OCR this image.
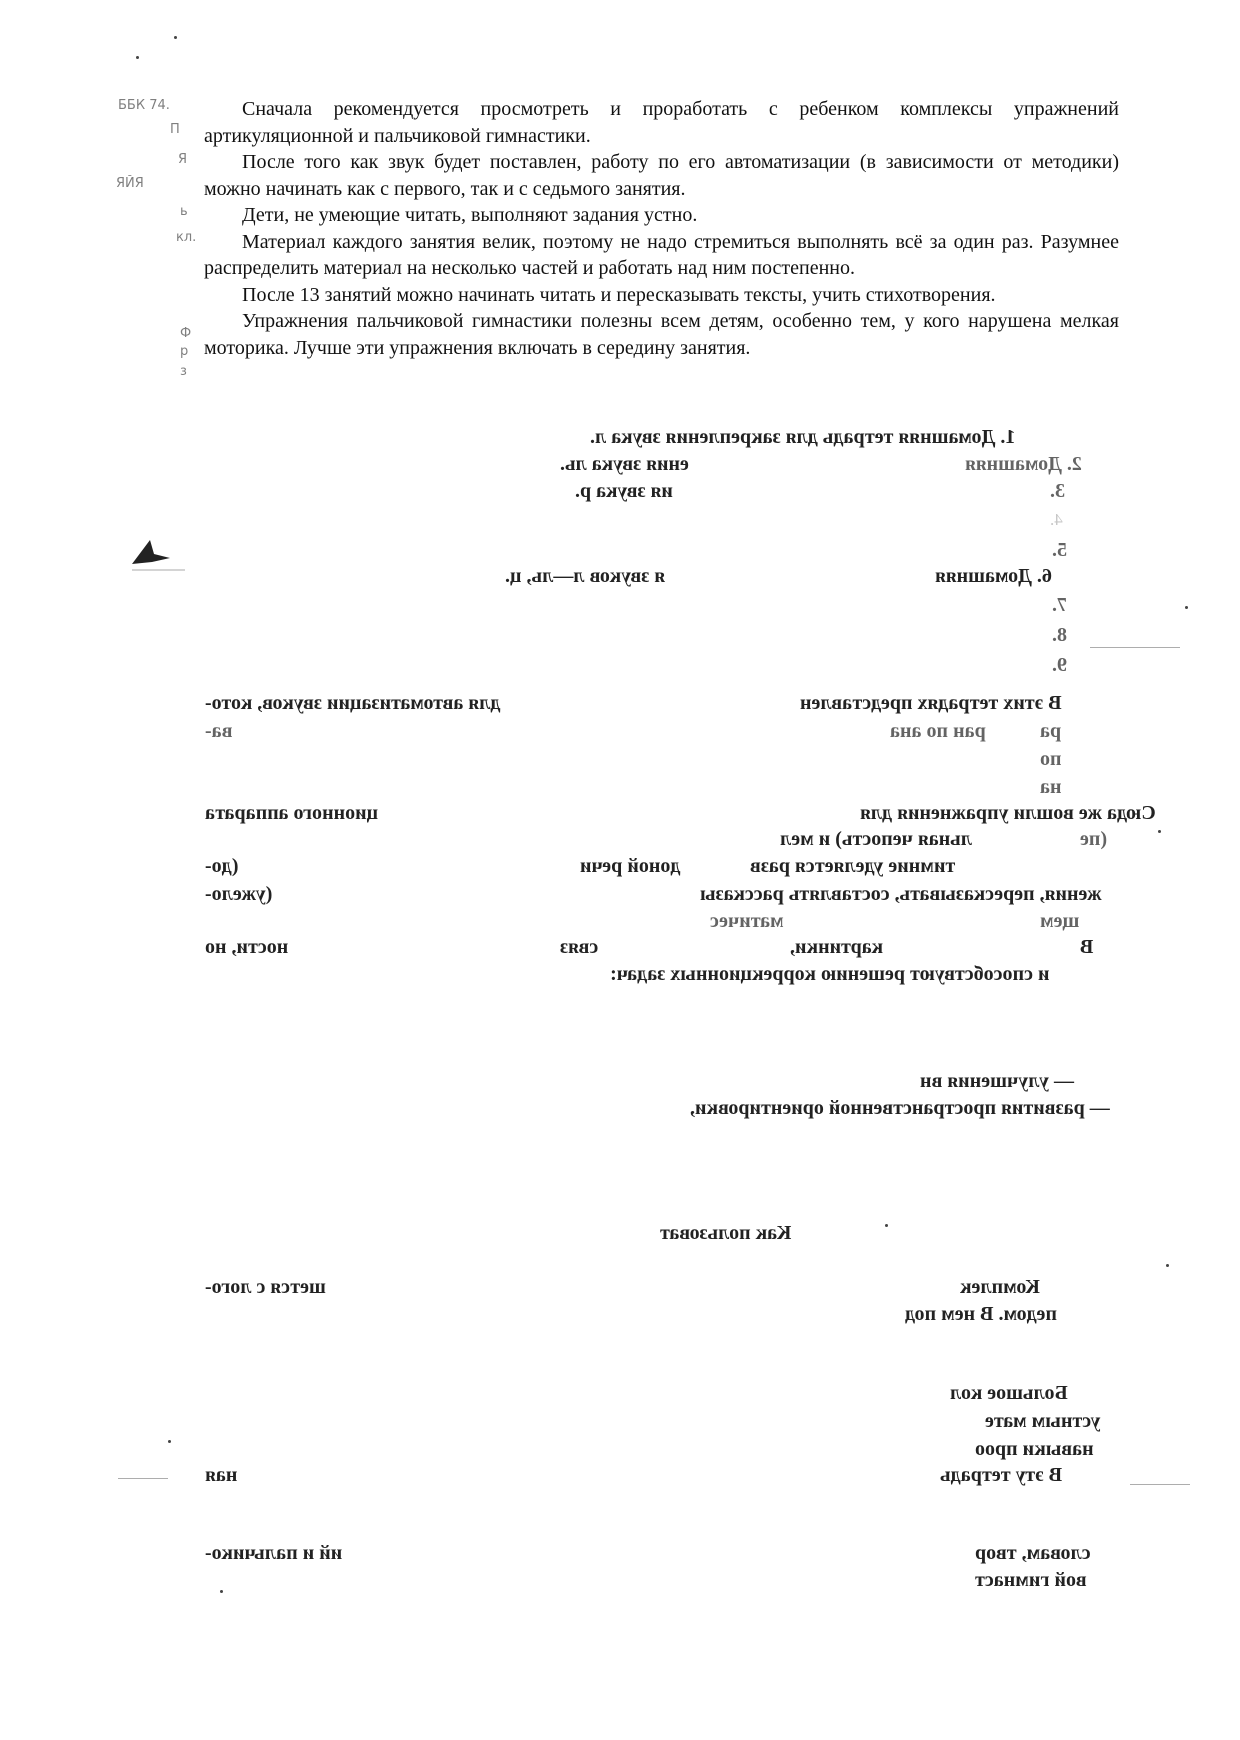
ББК 74.
П
Я
ЯЙЯ
ь
кл.
Ф
р
з

Сначала рекомендуется просмотреть и проработать с ребенком комплексы упражнений артикуляционной и пальчиковой гимнастики.

После того как звук будет поставлен, работу по его автоматизации (в зависимости от методики) можно начинать как с первого, так и с седьмого занятия.

Дети, не умеющие читать, выполняют задания устно.

Материал каждого занятия велик, поэтому не надо стремиться выполнять всё за один раз. Разумнее распределить материал на несколько частей и работать над ним постепенно.

После 13 занятий можно начинать читать и пересказывать тексты, учить стихотворения.

Упражнения пальчиковой гимнастики полезны всем детям, особенно тем, у кого нарушена мелкая моторика. Лучше эти упражнения включать в середину занятия.

1. Домашняя тетрадь для закрепления звука л.
2. Домашняя
ения звука ль.
3.
ия звука р.
4.
5.
6. Домашняя
я звуков л—ль, ц.
7.
8.
9.
В этих тетрадях представлен
для автоматизации звуков, кото-
ра
ран по ана
ва-
по
на
Сюда же вошли упражнения для
ционного аппарата
(пе
льная чепость) и мел
тимние уделяется разв
доной речи
(до-
жения, пересказывать, составлять рассказы
(ужело-
щем
матичес
В
картинки,
связ
ности, но
и способствуют решению коррекционных задач:
— улучшения вн
— развития пространственной ориентировки,
Как пользоват
Комплек
шется с лого-
педом. В нем под
Большое кол
устным мате
навыки проо
В эту тетрадь
ная
словам, твор
ий и пальчико-
вой гимнаст
